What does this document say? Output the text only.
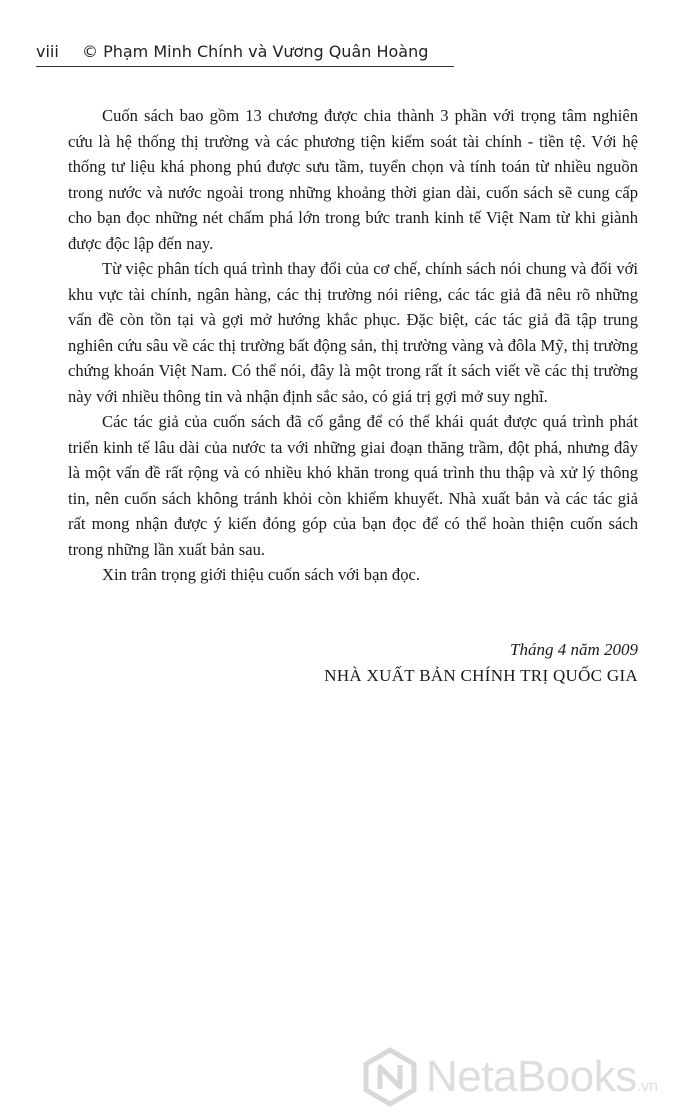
viii © Phạm Minh Chính và Vương Quân Hoàng

Cuốn sách bao gồm 13 chương được chia thành 3 phần với trọng tâm nghiên cứu là hệ thống thị trường và các phương tiện kiểm soát tài chính - tiền tệ. Với hệ thống tư liệu khá phong phú được sưu tầm, tuyển chọn và tính toán từ nhiều nguồn trong nước và nước ngoài trong những khoảng thời gian dài, cuốn sách sẽ cung cấp cho bạn đọc những nét chấm phá lớn trong bức tranh kinh tế Việt Nam từ khi giành được độc lập đến nay.

Từ việc phân tích quá trình thay đổi của cơ chế, chính sách nói chung và đối với khu vực tài chính, ngân hàng, các thị trường nói riêng, các tác giả đã nêu rõ những vấn đề còn tồn tại và gợi mở hướng khắc phục. Đặc biệt, các tác giả đã tập trung nghiên cứu sâu về các thị trường bất động sản, thị trường vàng và đôla Mỹ, thị trường chứng khoán Việt Nam. Có thể nói, đây là một trong rất ít sách viết về các thị trường này với nhiều thông tin và nhận định sắc sảo, có giá trị gợi mở suy nghĩ.

Các tác giả của cuốn sách đã cố gắng để có thể khái quát được quá trình phát triển kinh tế lâu dài của nước ta với những giai đoạn thăng trầm, đột phá, nhưng đây là một vấn đề rất rộng và có nhiều khó khăn trong quá trình thu thập và xử lý thông tin, nên cuốn sách không tránh khỏi còn khiếm khuyết. Nhà xuất bản và các tác giả rất mong nhận được ý kiến đóng góp của bạn đọc để có thể hoàn thiện cuốn sách trong những lần xuất bản sau.

Xin trân trọng giới thiệu cuốn sách với bạn đọc.

Tháng 4 năm 2009
NHÀ XUẤT BẢN CHÍNH TRỊ QUỐC GIA
NetaBooks.vn
